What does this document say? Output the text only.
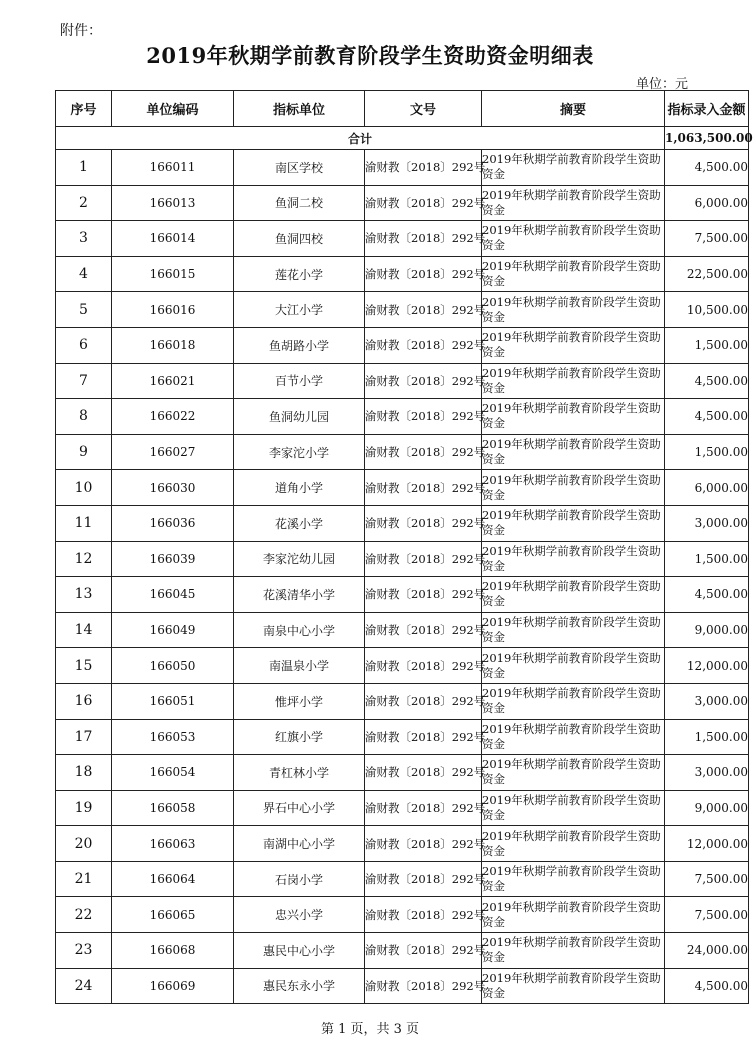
附件：
2019年秋期学前教育阶段学生资助资金明细表
单位：元
序号	单位编码	指标单位	文号	摘要	指标录入金额
合计					1,063,500.00
1	166011	南区学校	渝财教〔2018〕292号	2019年秋期学前教育阶段学生资助资金	4,500.00
2	166013	鱼洞二校	渝财教〔2018〕292号	2019年秋期学前教育阶段学生资助资金	6,000.00
3	166014	鱼洞四校	渝财教〔2018〕292号	2019年秋期学前教育阶段学生资助资金	7,500.00
4	166015	莲花小学	渝财教〔2018〕292号	2019年秋期学前教育阶段学生资助资金	22,500.00
5	166016	大江小学	渝财教〔2018〕292号	2019年秋期学前教育阶段学生资助资金	10,500.00
6	166018	鱼胡路小学	渝财教〔2018〕292号	2019年秋期学前教育阶段学生资助资金	1,500.00
7	166021	百节小学	渝财教〔2018〕292号	2019年秋期学前教育阶段学生资助资金	4,500.00
8	166022	鱼洞幼儿园	渝财教〔2018〕292号	2019年秋期学前教育阶段学生资助资金	4,500.00
9	166027	李家沱小学	渝财教〔2018〕292号	2019年秋期学前教育阶段学生资助资金	1,500.00
10	166030	道角小学	渝财教〔2018〕292号	2019年秋期学前教育阶段学生资助资金	6,000.00
11	166036	花溪小学	渝财教〔2018〕292号	2019年秋期学前教育阶段学生资助资金	3,000.00
12	166039	李家沱幼儿园	渝财教〔2018〕292号	2019年秋期学前教育阶段学生资助资金	1,500.00
13	166045	花溪清华小学	渝财教〔2018〕292号	2019年秋期学前教育阶段学生资助资金	4,500.00
14	166049	南泉中心小学	渝财教〔2018〕292号	2019年秋期学前教育阶段学生资助资金	9,000.00
15	166050	南温泉小学	渝财教〔2018〕292号	2019年秋期学前教育阶段学生资助资金	12,000.00
16	166051	惟坪小学	渝财教〔2018〕292号	2019年秋期学前教育阶段学生资助资金	3,000.00
17	166053	红旗小学	渝财教〔2018〕292号	2019年秋期学前教育阶段学生资助资金	1,500.00
18	166054	青杠林小学	渝财教〔2018〕292号	2019年秋期学前教育阶段学生资助资金	3,000.00
19	166058	界石中心小学	渝财教〔2018〕292号	2019年秋期学前教育阶段学生资助资金	9,000.00
20	166063	南湖中心小学	渝财教〔2018〕292号	2019年秋期学前教育阶段学生资助资金	12,000.00
21	166064	石岗小学	渝财教〔2018〕292号	2019年秋期学前教育阶段学生资助资金	7,500.00
22	166065	忠兴小学	渝财教〔2018〕292号	2019年秋期学前教育阶段学生资助资金	7,500.00
23	166068	惠民中心小学	渝财教〔2018〕292号	2019年秋期学前教育阶段学生资助资金	24,000.00
24	166069	惠民东永小学	渝财教〔2018〕292号	2019年秋期学前教育阶段学生资助资金	4,500.00
第 1 页，共 3 页
